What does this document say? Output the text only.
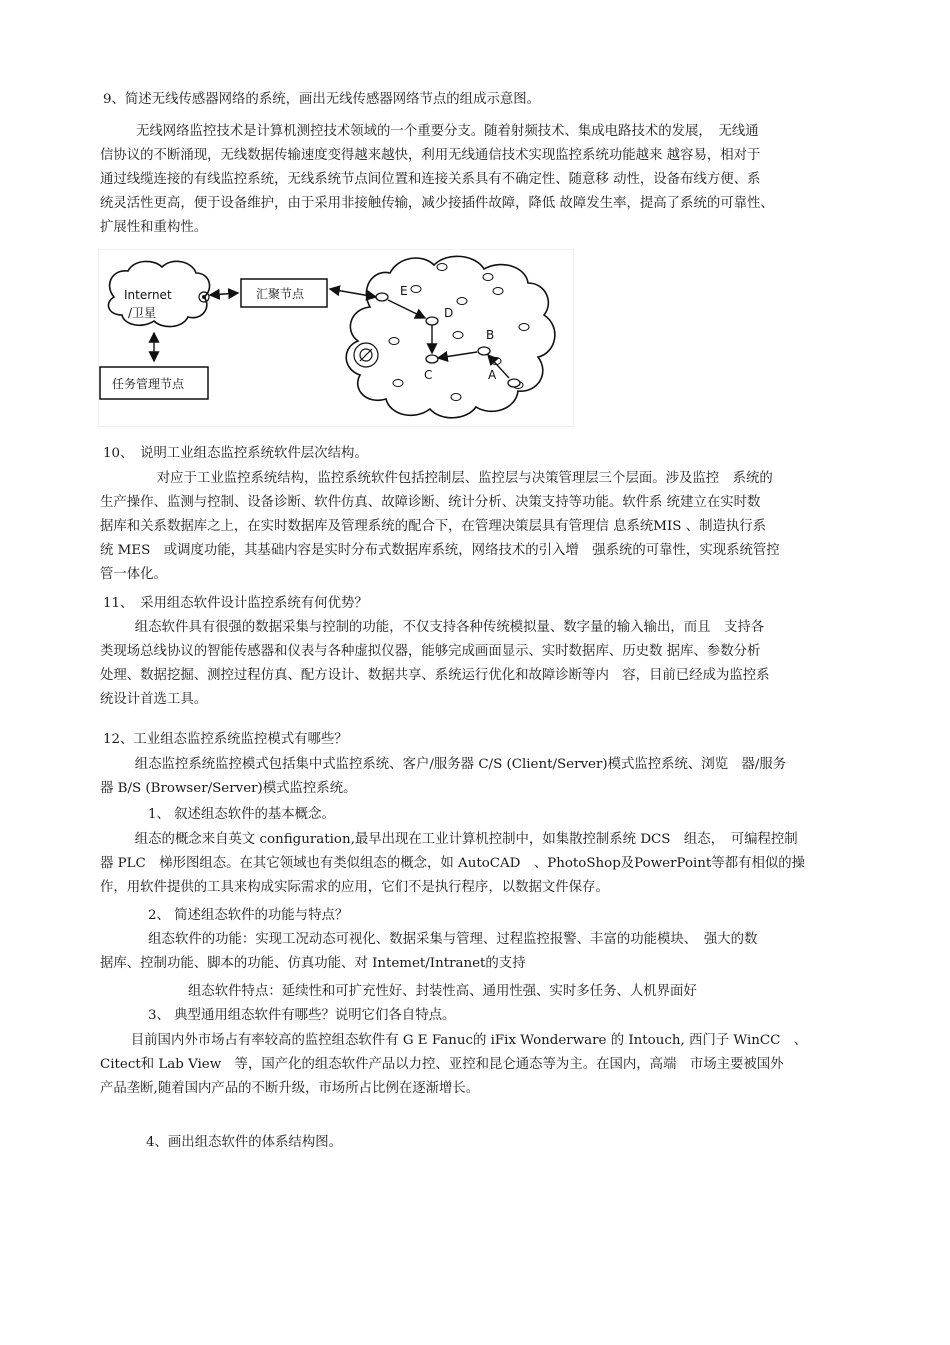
9、简述无线传感器网络的系统，画出无线传感器网络节点的组成示意图。
无线网络监控技术是计算机测控技术领域的一个重要分支。随着射频技术、集成电路技术的发展，　无线通
信协议的不断涌现，无线数据传输速度变得越来越快，利用无线通信技术实现监控系统功能越来 越容易，相对于
通过线缆连接的有线监控系统，无线系统节点间位置和连接关系具有不确定性、随意移 动性，设备布线方便、系
统灵活性更高，便于设备维护，由于采用非接触传输，减少接插件故障，降低 故障发生率，提高了系统的可靠性、
扩展性和重构性。
Internet
/卫星
汇聚节点
任务管理节点
E
D
B
C	A
10、　说明工业组态监控系统软件层次结构。
　　对应于工业监控系统结构，监控系统软件包括控制层、监控层与决策管理层三个层面。涉及监控　系统的
生产操作、监测与控制、设备诊断、软件仿真、故障诊断、统计分析、决策支持等功能。软件系 统建立在实时数
据库和关系数据库之上，在实时数据库及管理系统的配合下，在管理决策层具有管理信 息系统MIS 、制造执行系
统 MES　或调度功能，其基础内容是实时分布式数据库系统，网络技术的引入增　强系统的可靠性，实现系统管控
管一体化。
11、　采用组态软件设计监控系统有何优势？
　　组态软件具有很强的数据采集与控制的功能，不仅支持各种传统模拟量、数字量的输入输出，而且　支持各
类现场总线协议的智能传感器和仪表与各种虚拟仪器，能够完成画面显示、实时数据库、历史数 据库、参数分析
处理、数据挖掘、测控过程仿真、配方设计、数据共享、系统运行优化和故障诊断等内　容，目前已经成为监控系
统设计首选工具。
12、工业组态监控系统监控模式有哪些？
　　组态监控系统监控模式包括集中式监控系统、客户/服务器 C/S (Client/Server)模式监控系统、浏览　器/服务
器 B/S (Browser/Server)模式监控系统。
1、 叙述组态软件的基本概念。
　　组态的概念来自英文 configuration,最早出现在工业计算机控制中，如集散控制系统 DCS　组态，　可编程控制
器 PLC　梯形图组态。在其它领域也有类似组态的概念，如 AutoCAD　、PhotoShop及PowerPoint等都有相似的操
作，用软件提供的工具来构成实际需求的应用，它们不是执行程序，以数据文件保存。
2、 简述组态软件的功能与特点？
　　　组态软件的功能：实现工况动态可视化、数据采集与管理、过程监控报警、丰富的功能模块、　强大的数
据库、控制功能、脚本的功能、仿真功能、对 Intemet/Intranet的支持
组态软件特点：延续性和可扩充性好、封装性高、通用性强、实时多任务、人机界面好
3、 典型通用组态软件有哪些？说明它们各自特点。
　　目前国内外市场占有率较高的监控组态软件有 G E Fanuc的 iFix Wonderware 的 Intouch, 西门子 WinCC　、
Citect和 Lab View　等，国产化的组态软件产品以力控、亚控和昆仑通态等为主。在国内，高端　市场主要被国外
产品垄断,随着国内产品的不断升级，市场所占比例在逐渐增长。
4、画出组态软件的体系结构图。
